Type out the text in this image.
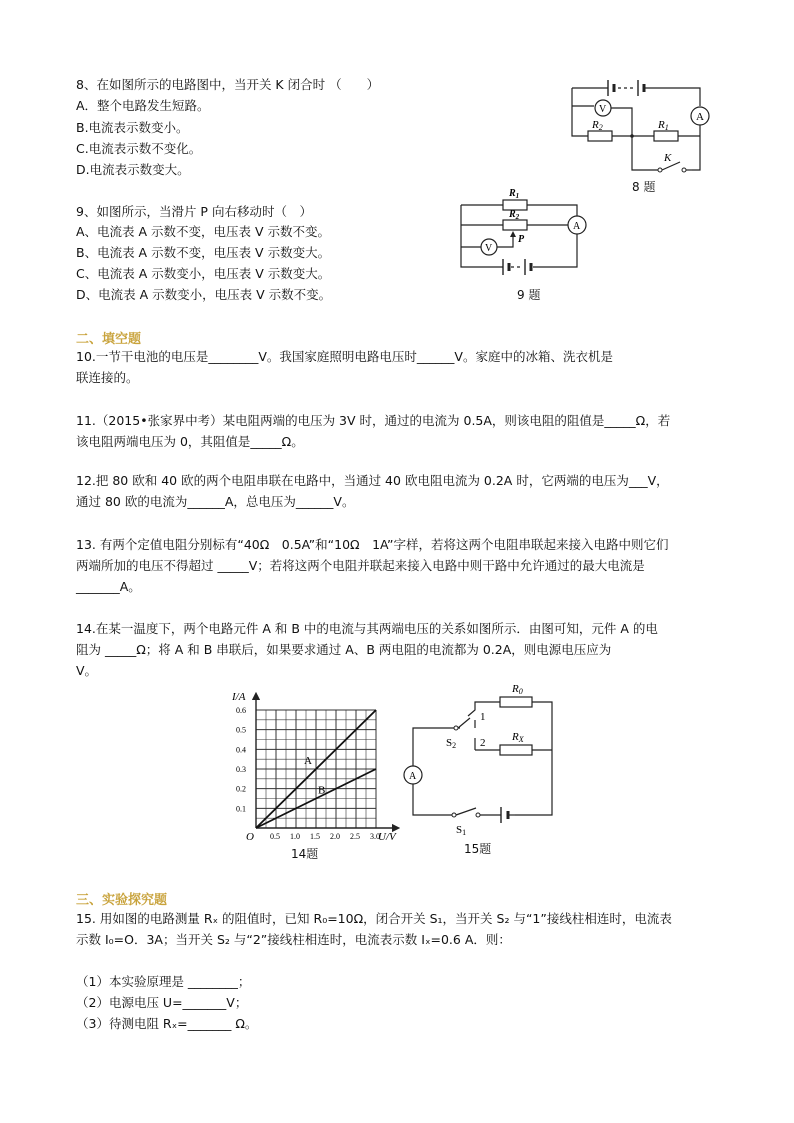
8、在如图所示的电路图中，当开关 K 闭合时 （　　）
A．整个电路发生短路。
B.电流表示数变小。
C.电流表示数不变化。
D.电流表示数变大。
A
V
R2	R1
K
8 题
9、如图所示，当滑片 P 向右移动时（　）
A、电流表 A 示数不变，电压表 V 示数不变。
B、电流表 A 示数不变，电压表 V 示数变大。
C、电流表 A 示数变小，电压表 V 示数变大。
D、电流表 A 示数变小，电压表 V 示数不变。
$R_1$
$R_2$
P
V
A
9 题
二、填空题
10.一节干电池的电压是________V。我国家庭照明电路电压时______V。家庭中的冰箱、洗衣机是
联连接的。
11.（2015•张家界中考）某电阻两端的电压为 3V 时，通过的电流为 0.5A，则该电阻的阻值是_____Ω，若
该电阻两端电压为 0，其阻值是_____Ω。
12.把 80 欧和 40 欧的两个电阻串联在电路中，当通过 40 欧电阻电流为 0.2A 时，它两端的电压为___V，
通过 80 欧的电流为______A，总电压为______V。
13. 有两个定值电阻分别标有“40Ω　0.5A”和“10Ω　1A”字样，若将这两个电阻串联起来接入电路中则它们
两端所加的电压不得超过 _____V；若将这两个电阻并联起来接入电路中则干路中允许通过的最大电流是
_______A。
14.在某一温度下，两个电路元件 A 和 B 中的电流与其两端电压的关系如图所示．由图可知，元件 A 的电
阻为 _____Ω；将 A 和 B 串联后，如果要求通过 A、B 两电阻的电流都为 0.2A，则电源电压应为
V。
0.5 1.0 1.5 2.0 2.5 3.0
0.1
0.2
0.3
0.4
0.5
0.6
A
B
I/A
U/V
O
14题
R0
RX
1
2
S2
S1
A
15题
三、实验探究题
15. 用如图的电路测量 Rₓ 的阻值时，已知 R₀=10Ω，闭合开关 S₁，当开关 S₂ 与“1”接线柱相连时，电流表
示数 I₀=O．3A；当开关 S₂ 与“2”接线柱相连时，电流表示数 Iₓ=0.6 A．则：
（1）本实验原理是 ________；
（2）电源电压 U=_______V；
（3）待测电阻 Rₓ=_______ Ω。
